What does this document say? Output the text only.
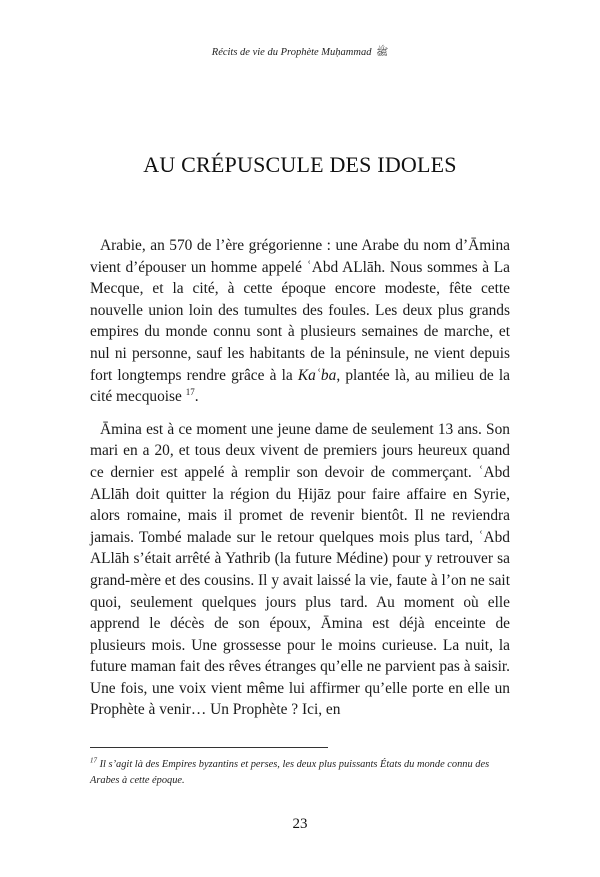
Récits de vie du Prophète Muḥammad ﷺ
AU CRÉPUSCULE DES IDOLES

Arabie, an 570 de l’ère grégorienne : une Arabe du nom d’Āmina vient d’épouser un homme appelé ʿAbd ALlāh. Nous sommes à La Mecque, et la cité, à cette époque encore modeste, fête cette nouvelle union loin des tumultes des foules. Les deux plus grands empires du monde connu sont à plusieurs semaines de marche, et nul ni personne, sauf les habitants de la péninsule, ne vient depuis fort longtemps rendre grâce à la Kaʿba, plantée là, au milieu de la cité mecquoise $^{17}$.

Āmina est à ce moment une jeune dame de seulement 13 ans. Son mari en a 20, et tous deux vivent de premiers jours heureux quand ce dernier est appelé à remplir son devoir de commerçant. ʿAbd ALlāh doit quitter la région du Ḥijāz pour faire affaire en Syrie, alors romaine, mais il promet de revenir bientôt. Il ne reviendra jamais. Tombé malade sur le retour quelques mois plus tard, ʿAbd ALlāh s’était arrêté à Yathrib (la future Médine) pour y retrouver sa grand-mère et des cousins. Il y avait laissé la vie, faute à l’on ne sait quoi, seulement quelques jours plus tard. Au moment où elle apprend le décès de son époux, Āmina est déjà enceinte de plusieurs mois. Une grossesse pour le moins curieuse. La nuit, la future maman fait des rêves étranges qu’elle ne parvient pas à saisir. Une fois, une voix vient même lui affirmer qu’elle porte en elle un Prophète à venir… Un Prophète ? Ici, en

$^{17}$ Il s’agit là des Empires byzantins et perses, les deux plus puissants États du monde connu des Arabes à cette époque.
23
